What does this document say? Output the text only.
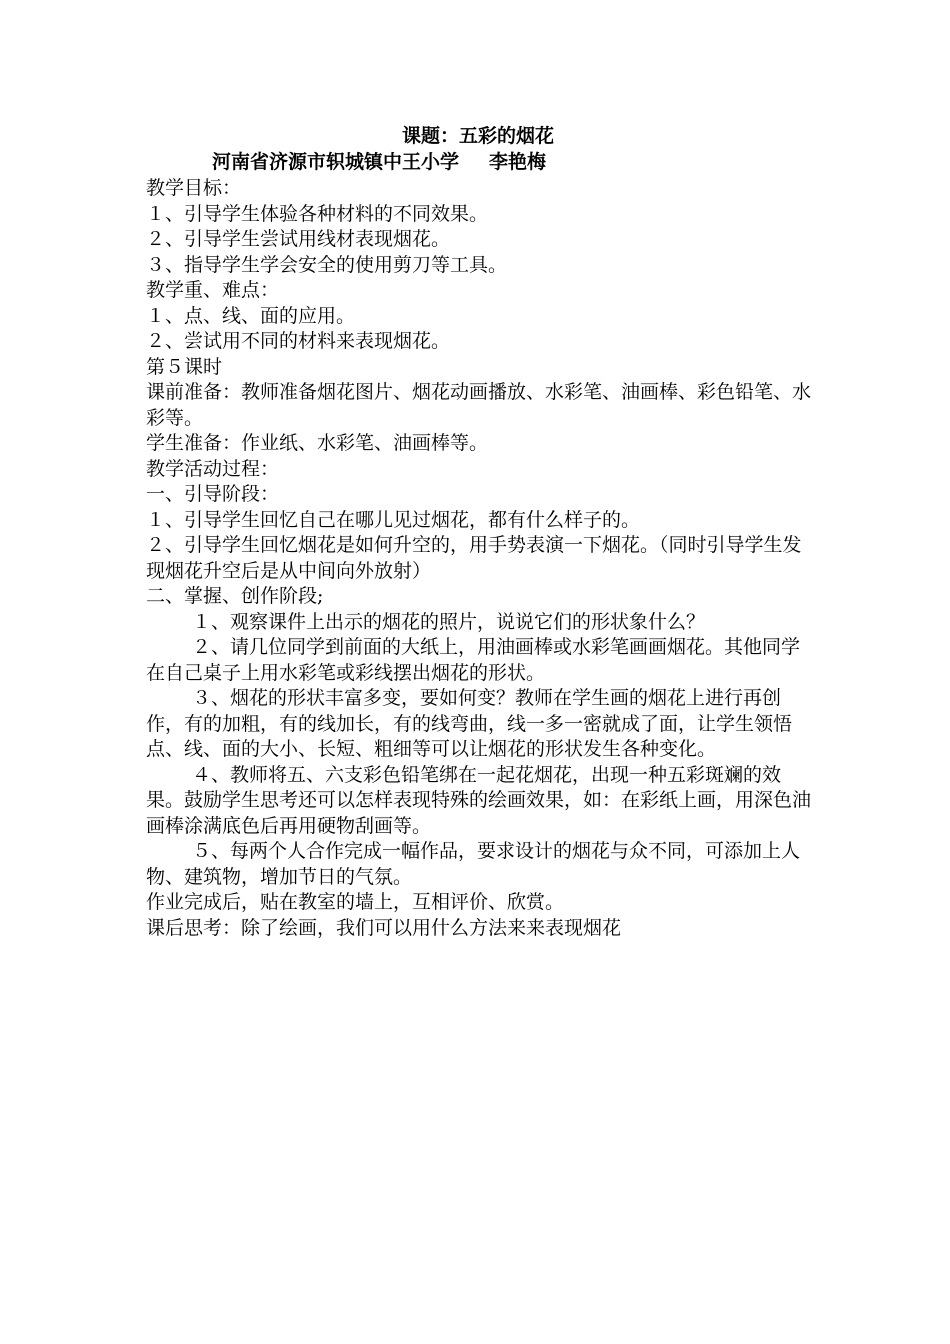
课题：五彩的烟花
河南省济源市轵城镇中王小学 李艳梅

教学目标：

１、引导学生体验各种材料的不同效果。

２、引导学生尝试用线材表现烟花。

３、指导学生学会安全的使用剪刀等工具。

教学重、难点：

１、点、线、面的应用。

２、尝试用不同的材料来表现烟花。

第５课时

课前准备：教师准备烟花图片、烟花动画播放、水彩笔、油画棒、彩色铅笔、水彩等。

学生准备：作业纸、水彩笔、油画棒等。

教学活动过程：

一、引导阶段：

１、引导学生回忆自己在哪儿见过烟花，都有什么样子的。

２、引导学生回忆烟花是如何升空的，用手势表演一下烟花。（同时引导学生发现烟花升空后是从中间向外放射）

二、掌握、创作阶段;

１、观察课件上出示的烟花的照片，说说它们的形状象什么？

２、请几位同学到前面的大纸上，用油画棒或水彩笔画画烟花。其他同学在自己桌子上用水彩笔或彩线摆出烟花的形状。

３、烟花的形状丰富多变，要如何变？教师在学生画的烟花上进行再创作，有的加粗，有的线加长，有的线弯曲，线一多一密就成了面，让学生领悟点、线、面的大小、长短、粗细等可以让烟花的形状发生各种变化。

４、教师将五、六支彩色铅笔绑在一起花烟花，出现一种五彩斑斓的效果。鼓励学生思考还可以怎样表现特殊的绘画效果，如：在彩纸上画，用深色油画棒涂满底色后再用硬物刮画等。

５、每两个人合作完成一幅作品，要求设计的烟花与众不同，可添加上人物、建筑物，增加节日的气氛。

作业完成后，贴在教室的墙上，互相评价、欣赏。

课后思考：除了绘画，我们可以用什么方法来来表现烟花
